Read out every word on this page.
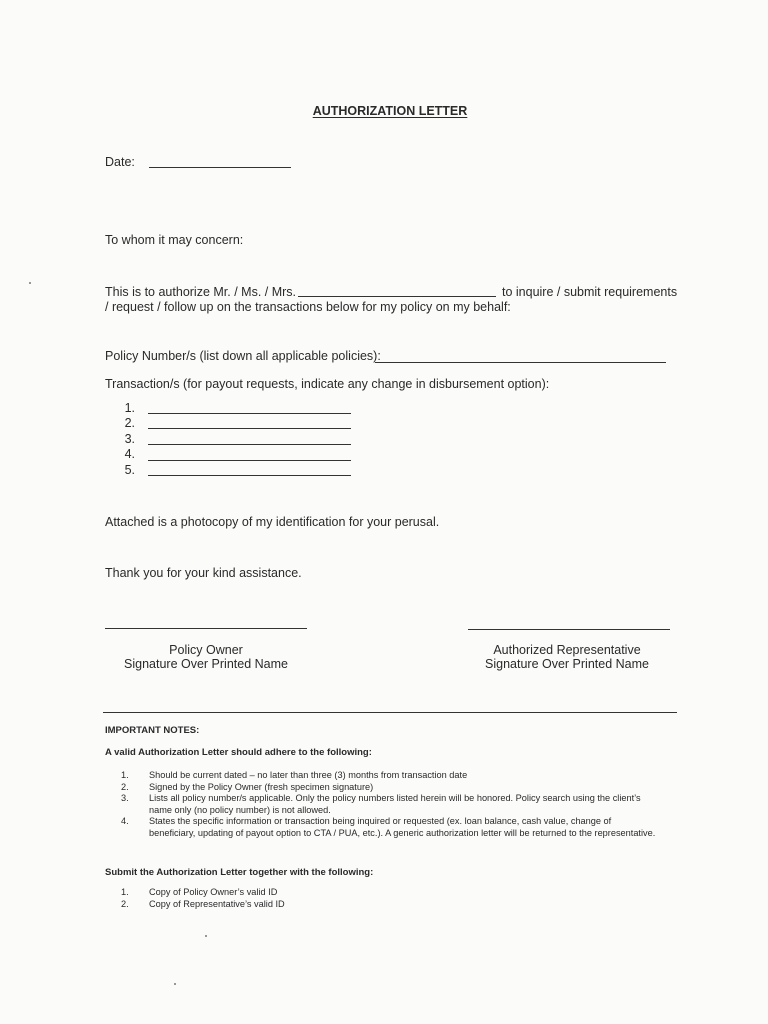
AUTHORIZATION LETTER
Date:
To whom it may concern:
This is to authorize Mr. / Ms. / Mrs.	to inquire / submit requirements
/ request / follow up on the transactions below for my policy on my behalf:
Policy Number/s (list down all applicable policies):
Transaction/s (for payout requests, indicate any change in disbursement option):
1.
2.
3.
4.
5.
Attached is a photocopy of my identification for your perusal.
Thank you for your kind assistance.
Policy Owner
Signature Over Printed Name
Authorized Representative
Signature Over Printed Name
IMPORTANT NOTES:
A valid Authorization Letter should adhere to the following:
1.	Should be current dated – no later than three (3) months from transaction date
2.	Signed by the Policy Owner (fresh specimen signature)
3.	Lists all policy number/s applicable. Only the policy numbers listed herein will be honored. Policy search using the client’s name only (no policy number) is not allowed.
4.	States the specific information or transaction being inquired or requested (ex. loan balance, cash value, change of beneficiary, updating of payout option to CTA / PUA, etc.). A generic authorization letter will be returned to the representative.
Submit the Authorization Letter together with the following:
1.	Copy of Policy Owner’s valid ID
2.	Copy of Representative’s valid ID
